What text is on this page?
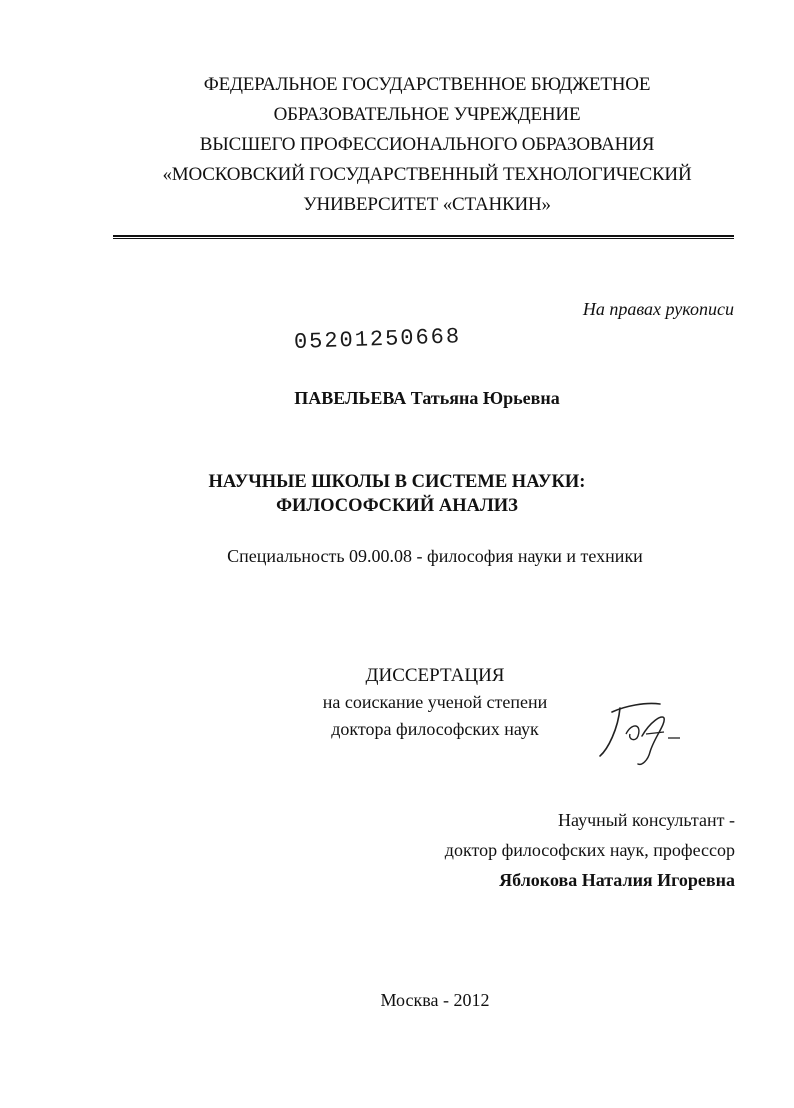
ФЕДЕРАЛЬНОЕ ГОСУДАРСТВЕННОЕ БЮДЖЕТНОЕ
ОБРАЗОВАТЕЛЬНОЕ УЧРЕЖДЕНИЕ
ВЫСШЕГО ПРОФЕССИОНАЛЬНОГО ОБРАЗОВАНИЯ
«МОСКОВСКИЙ ГОСУДАРСТВЕННЫЙ ТЕХНОЛОГИЧЕСКИЙ
УНИВЕРСИТЕТ «СТАНКИН»
На правах рукописи
05201250668
ПАВЕЛЬЕВА Татьяна Юрьевна
НАУЧНЫЕ ШКОЛЫ В СИСТЕМЕ НАУКИ:
ФИЛОСОФСКИЙ АНАЛИЗ
Специальность 09.00.08 - философия науки и техники
ДИССЕРТАЦИЯ
на соискание ученой степени
доктора философских наук
Научный консультант -
доктор философских наук, профессор
Яблокова Наталия Игоревна
Москва - 2012
